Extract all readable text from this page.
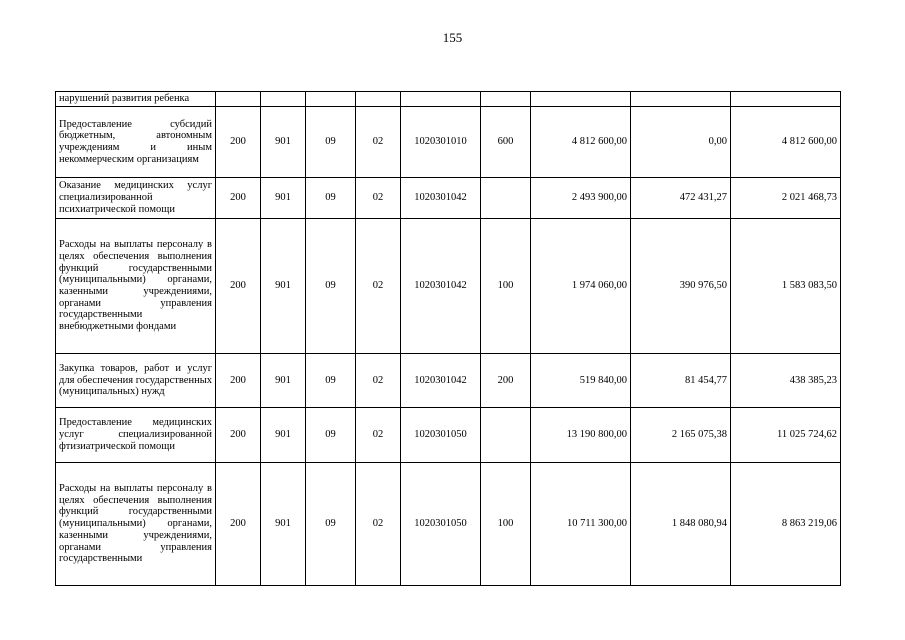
155
нарушений развития ребенка									
Предоставление субсидий бюджетным, автономным учреждениям и иным некоммерческим организациям	200	901	09	02	1020301010	600	4 812 600,00	0,00	4 812 600,00
Оказание медицинских услуг специализированной психиатрической помощи	200	901	09	02	1020301042		2 493 900,00	472 431,27	2 021 468,73
Расходы на выплаты персоналу в целях обеспечения выполнения функций государственными (муниципальными) органами, казенными учреждениями, органами управления государственными внебюджетными фондами	200	901	09	02	1020301042	100	1 974 060,00	390 976,50	1 583 083,50
Закупка товаров, работ и услуг для обеспечения государственных (муниципальных) нужд	200	901	09	02	1020301042	200	519 840,00	81 454,77	438 385,23
Предоставление медицинских услуг специализированной фтизиатрической помощи	200	901	09	02	1020301050		13 190 800,00	2 165 075,38	11 025 724,62
Расходы на выплаты персоналу в целях обеспечения выполнения функций государственными (муниципальными) органами, казенными учреждениями, органами управления государственными	200	901	09	02	1020301050	100	10 711 300,00	1 848 080,94	8 863 219,06
